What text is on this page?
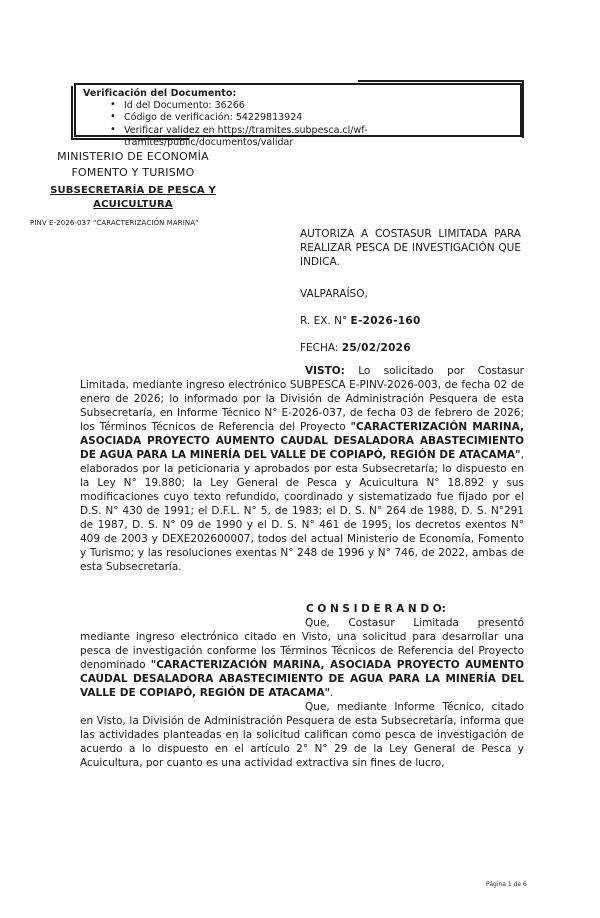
Verificación del Documento:
• Id del Documento: 36266
• Código de verificación: 54229813924
• Verificar validez en https://tramites.subpesca.cl/wf-tramites/public/documentos/validar
MINISTERIO DE ECONOMÍA
FOMENTO Y TURISMO
SUBSECRETARÍA DE PESCA Y
ACUICULTURA
PINV E-2026-037 "CARACTERIZACIÓN MARINA"
AUTORIZA A COSTASUR LIMITADA PARA REALIZAR PESCA DE INVESTIGACIÓN QUE INDICA.
VALPARAÍSO,
R. EX. N° E-2026-160
FECHA: 25/02/2026

VISTO: Lo solicitado por Costasur Limitada, mediante ingreso electrónico SUBPESCA E-PINV-2026-003, de fecha 02 de enero de 2026; lo informado por la División de Administración Pesquera de esta Subsecretaría, en Informe Técnico N° E-2026-037, de fecha 03 de febrero de 2026; los Términos Técnicos de Referencia del Proyecto "CARACTERIZACIÓN MARINA, ASOCIADA PROYECTO AUMENTO CAUDAL DESALADORA ABASTECIMIENTO DE AGUA PARA LA MINERÍA DEL VALLE DE COPIAPÓ, REGIÓN DE ATACAMA", elaborados por la peticionaria y aprobados por esta Subsecretaría; lo dispuesto en la Ley N° 19.880; la Ley General de Pesca y Acuicultura N° 18.892 y sus modificaciones cuyo texto refundido, coordinado y sistematizado fue fijado por el D.S. N° 430 de 1991; el D.F.L. N° 5, de 1983; el D. S. N° 264 de 1988, D. S. N°291 de 1987, D. S. N° 09 de 1990 y el D. S. N° 461 de 1995, los decretos exentos N° 409 de 2003 y DEXE202600007, todos del actual Ministerio de Economía, Fomento y Turismo; y las resoluciones exentas N° 248 de 1996 y N° 746, de 2022, ambas de esta Subsecretaría.

C O N S I D E R A N D O:

Que, Costasur Limitada presentó mediante ingreso electrónico citado en Visto, una solicitud para desarrollar una pesca de investigación conforme los Términos Técnicos de Referencia del Proyecto denominado "CARACTERIZACIÓN MARINA, ASOCIADA PROYECTO AUMENTO CAUDAL DESALADORA ABASTECIMIENTO DE AGUA PARA LA MINERÍA DEL VALLE DE COPIAPÓ, REGIÓN DE ATACAMA".

Que, mediante Informe Técnico, citado en Visto, la División de Administración Pesquera de esta Subsecretaría, informa que las actividades planteadas en la solicitud califican como pesca de investigación de acuerdo a lo dispuesto en el artículo 2° N° 29 de la Ley General de Pesca y Acuicultura, por cuanto es una actividad extractiva sin fines de lucro,

Página 1 de 6
